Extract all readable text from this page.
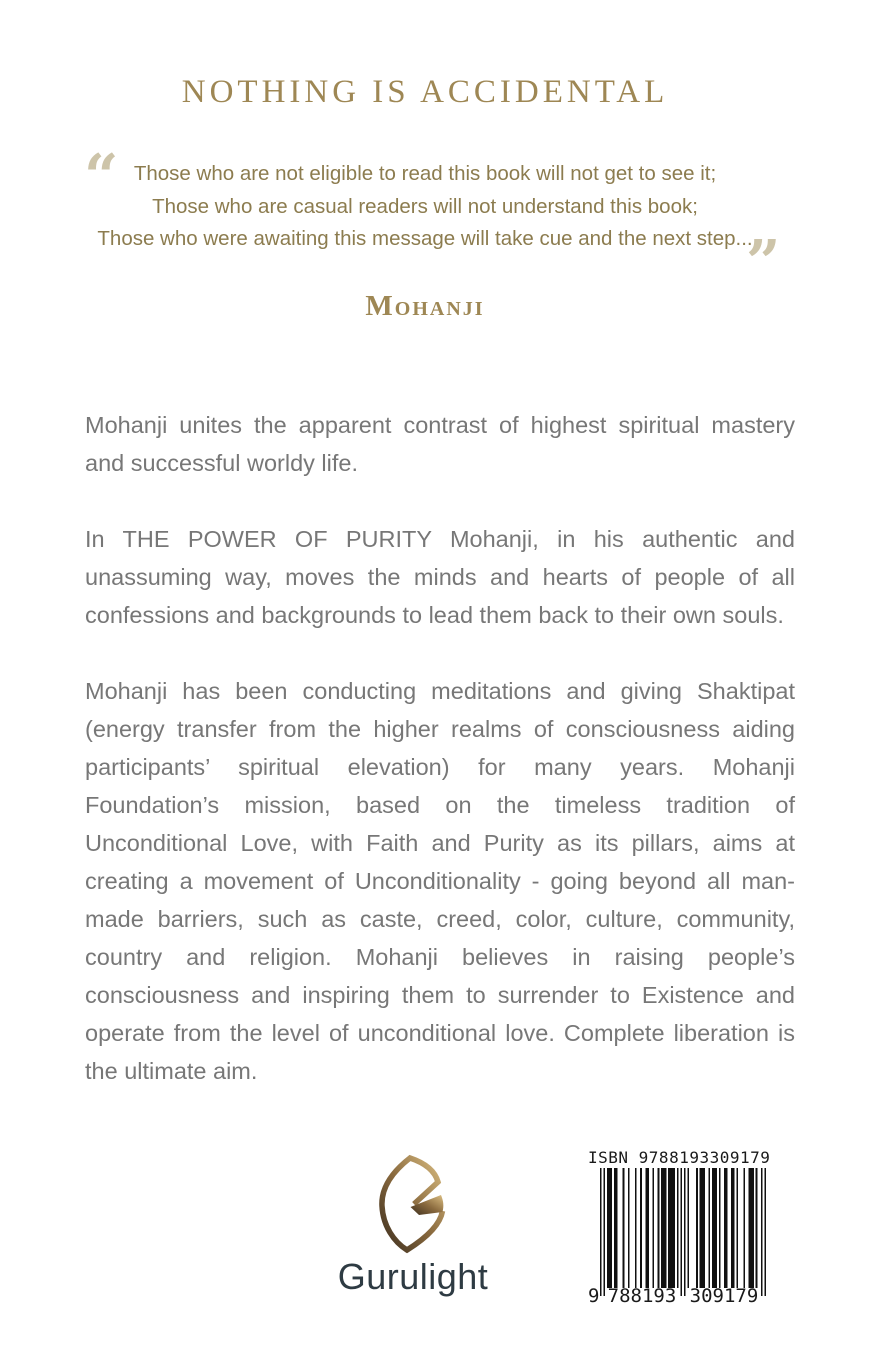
NOTHING IS ACCIDENTAL
“ Those who are not eligible to read this book will not get to see it;
Those who are casual readers will not understand this book;
Those who were awaiting this message will take cue and the next step...
”
Mohanji

Mohanji unites the apparent contrast of highest spiritual mastery and successful worldy life.

In THE POWER OF PURITY Mohanji, in his authentic and unassuming way, moves the minds and hearts of people of all confessions and backgrounds to lead them back to their own souls.

Mohanji has been conducting meditations and giving Shaktipat (energy transfer from the higher realms of consciousness aiding participants’ spiritual elevation) for many years. Mohanji Foundation’s mission, based on the timeless tradition of Unconditional Love, with Faith and Purity as its pillars, aims at creating a movement of Unconditionality - going beyond all man-made barriers, such as caste, creed, color, culture, community, country and religion. Mohanji believes in raising people’s consciousness and inspiring them to surrender to Existence and operate from the level of unconditional love. Complete liberation is the ultimate aim.

Gurulight
ISBN 9788193309179
9 788193 309179
